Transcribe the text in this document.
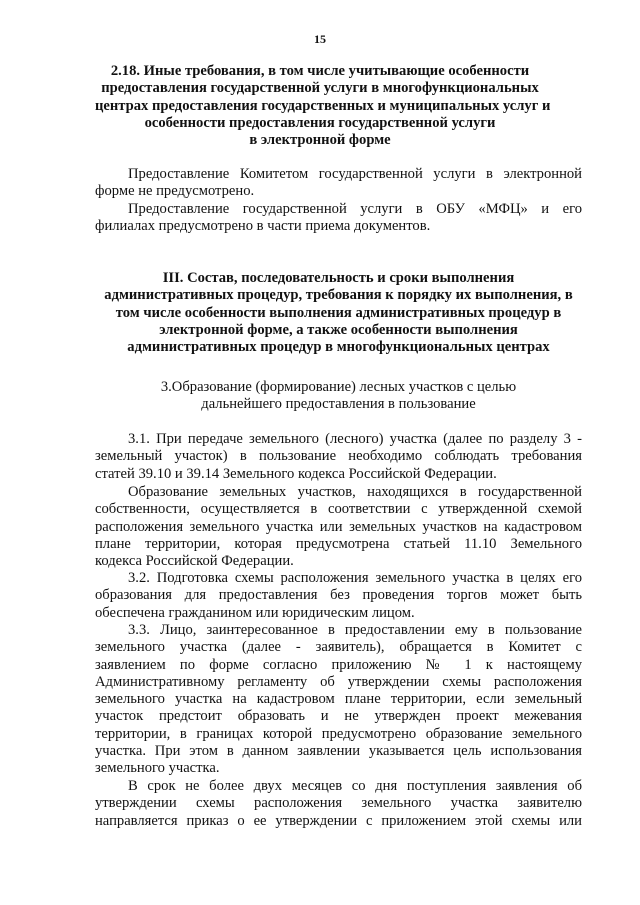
15
2.18. Иные требования, в том числе учитывающие особенности
предоставления государственной услуги в многофункциональных
центрах предоставления государственных и муниципальных услуг и
особенности предоставления государственной услуги
в электронной форме
Предоставление Комитетом государственной услуги в электронной
форме не предусмотрено.
Предоставление государственной услуги в ОБУ «МФЦ» и его
филиалах предусмотрено в части приема документов.
III. Состав, последовательность и сроки выполнения
административных процедур, требования к порядку их выполнения, в
том числе особенности выполнения административных процедур в
электронной форме, а также особенности выполнения
административных процедур в многофункциональных центрах
3.Образование (формирование) лесных участков с целью
дальнейшего предоставления в пользование
3.1. При передаче земельного (лесного) участка (далее по разделу 3 -
земельный участок) в пользование необходимо соблюдать требования
статей 39.10 и 39.14 Земельного кодекса Российской Федерации.
Образование земельных участков, находящихся в государственной
собственности, осуществляется в соответствии с утвержденной схемой
расположения земельного участка или земельных участков на кадастровом
плане территории, которая предусмотрена статьей 11.10 Земельного
кодекса Российской Федерации.
3.2. Подготовка схемы расположения земельного участка в целях его
образования для предоставления без проведения торгов может быть
обеспечена гражданином или юридическим лицом.
3.3. Лицо, заинтересованное в предоставлении ему в пользование
земельного участка (далее - заявитель), обращается в Комитет с
заявлением по форме согласно приложению № 1 к настоящему
Административному регламенту об утверждении схемы расположения
земельного участка на кадастровом плане территории, если земельный
участок предстоит образовать и не утвержден проект межевания
территории, в границах которой предусмотрено образование земельного
участка. При этом в данном заявлении указывается цель использования
земельного участка.
В срок не более двух месяцев со дня поступления заявления об
утверждении схемы расположения земельного участка заявителю
направляется приказ о ее утверждении с приложением этой схемы или
